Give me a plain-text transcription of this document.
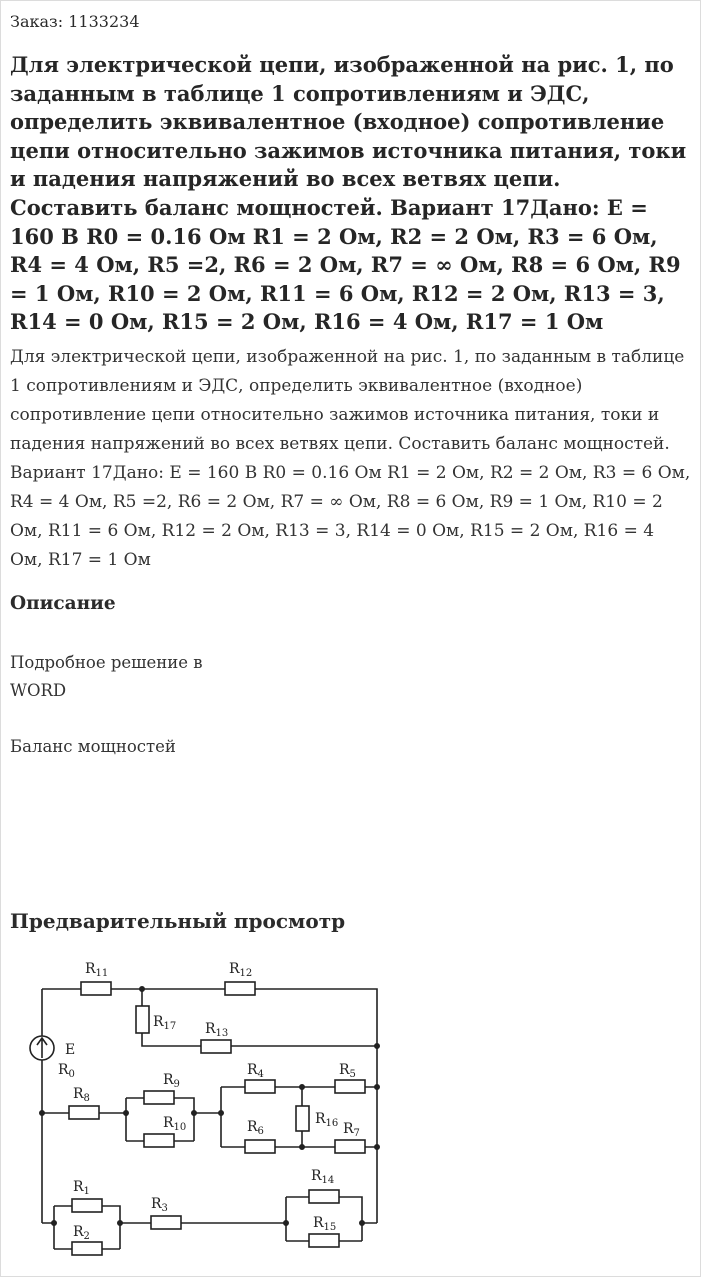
Заказ: 1133234
Для электрической цепи, изображенной на рис. 1, по заданным в таблице 1 сопротивлениям и ЭДС, определить эквивалентное (входное) сопротивление цепи относительно зажимов источника питания, токи и падения напряжений во всех ветвях цепи. Составить баланс мощностей. Вариант 17Дано: E = 160 В R0 = 0.16 Ом R1 = 2 Ом, R2 = 2 Ом, R3 = 6 Ом, R4 = 4 Ом, R5 =2, R6 = 2 Ом, R7 = ∞ Ом, R8 = 6 Ом, R9 = 1 Ом, R10 = 2 Ом, R11 = 6 Ом, R12 = 2 Ом, R13 = 3, R14 = 0 Ом, R15 = 2 Ом, R16 = 4 Ом, R17 = 1 Ом
Для электрической цепи, изображенной на рис. 1, по заданным в таблице 1 сопротивлениям и ЭДС, определить эквивалентное (входное) сопротивление цепи относительно зажимов источника питания, токи и падения напряжений во всех ветвях цепи. Составить баланс мощностей. Вариант 17Дано: E = 160 В R0 = 0.16 Ом R1 = 2 Ом, R2 = 2 Ом, R3 = 6 Ом, R4 = 4 Ом, R5 =2, R6 = 2 Ом, R7 = ∞ Ом, R8 = 6 Ом, R9 = 1 Ом, R10 = 2 Ом, R11 = 6 Ом, R12 = 2 Ом, R13 = 3, R14 = 0 Ом, R15 = 2 Ом, R16 = 4 Ом, R17 = 1 Ом
Описание
Подробное решение в
WORD
Баланс мощностей
Предварительный просмотр
E
$R_0$
$R_{11}$	$R_{12}$
$R_{17}$ $R_{13}$
$R_8$
$R_9$
$R_{10}$
$R_4$	$R_5$
$R_{16}$
$R_6$	$R_7$
$R_1$
$R_2$
$R_3$
$R_{14}$
$R_{15}$
